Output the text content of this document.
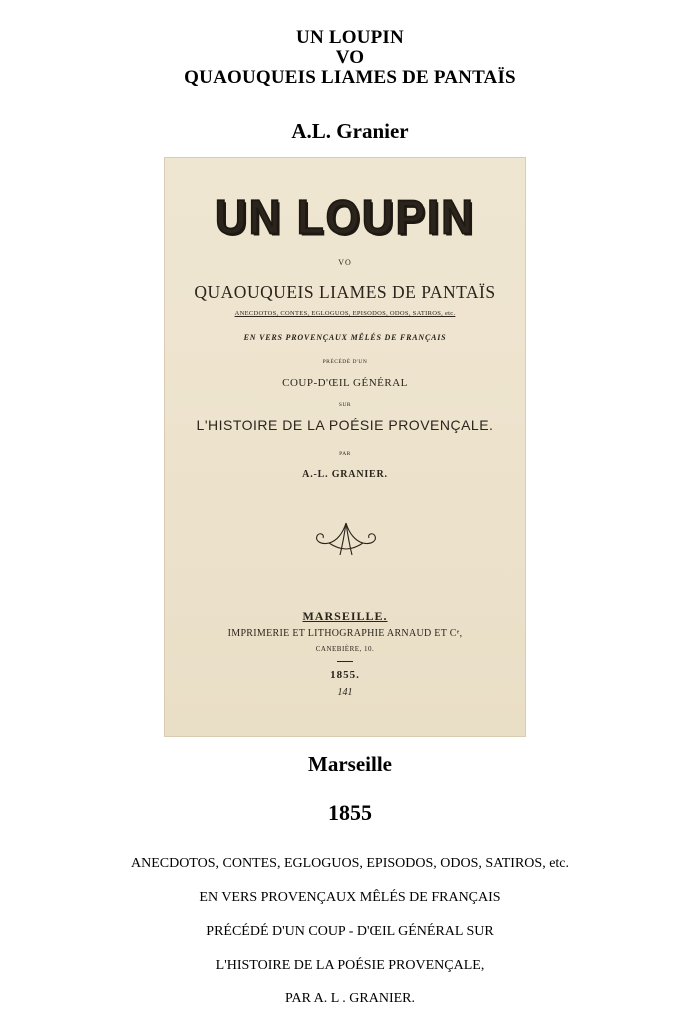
UN LOUPIN
VO
QUAOUQUEIS LIAMES DE PANTAÏS
A.L. Granier
UN LOUPIN
VO
QUAOUQUEIS LIAMES DE PANTAÏS
ANECDOTOS, CONTES, EGLOGUOS, EPISODOS, ODOS, SATIROS, etc.
EN VERS PROVENÇAUX MÊLÉS DE FRANÇAIS
PRÉCÉDÉ D'UN
COUP-D'ŒIL GÉNÉRAL
SUR
L'HISTOIRE DE LA POÉSIE PROVENÇALE.
PAR
A.-L. GRANIER.
MARSEILLE.
IMPRIMERIE ET LITHOGRAPHIE ARNAUD ET Cᵉ,
CANEBIÈRE, 10.
1855.
141
Marseille
1855
ANECDOTOS, CONTES, EGLOGUOS, EPISODOS, ODOS, SATIROS, etc.
EN VERS PROVENÇAUX MÊLÉS DE FRANÇAIS
PRÉCÉDÉ D'UN COUP - D'ŒIL GÉNÉRAL SUR
L'HISTOIRE DE LA POÉSIE PROVENÇALE,
PAR A. L . GRANIER.
